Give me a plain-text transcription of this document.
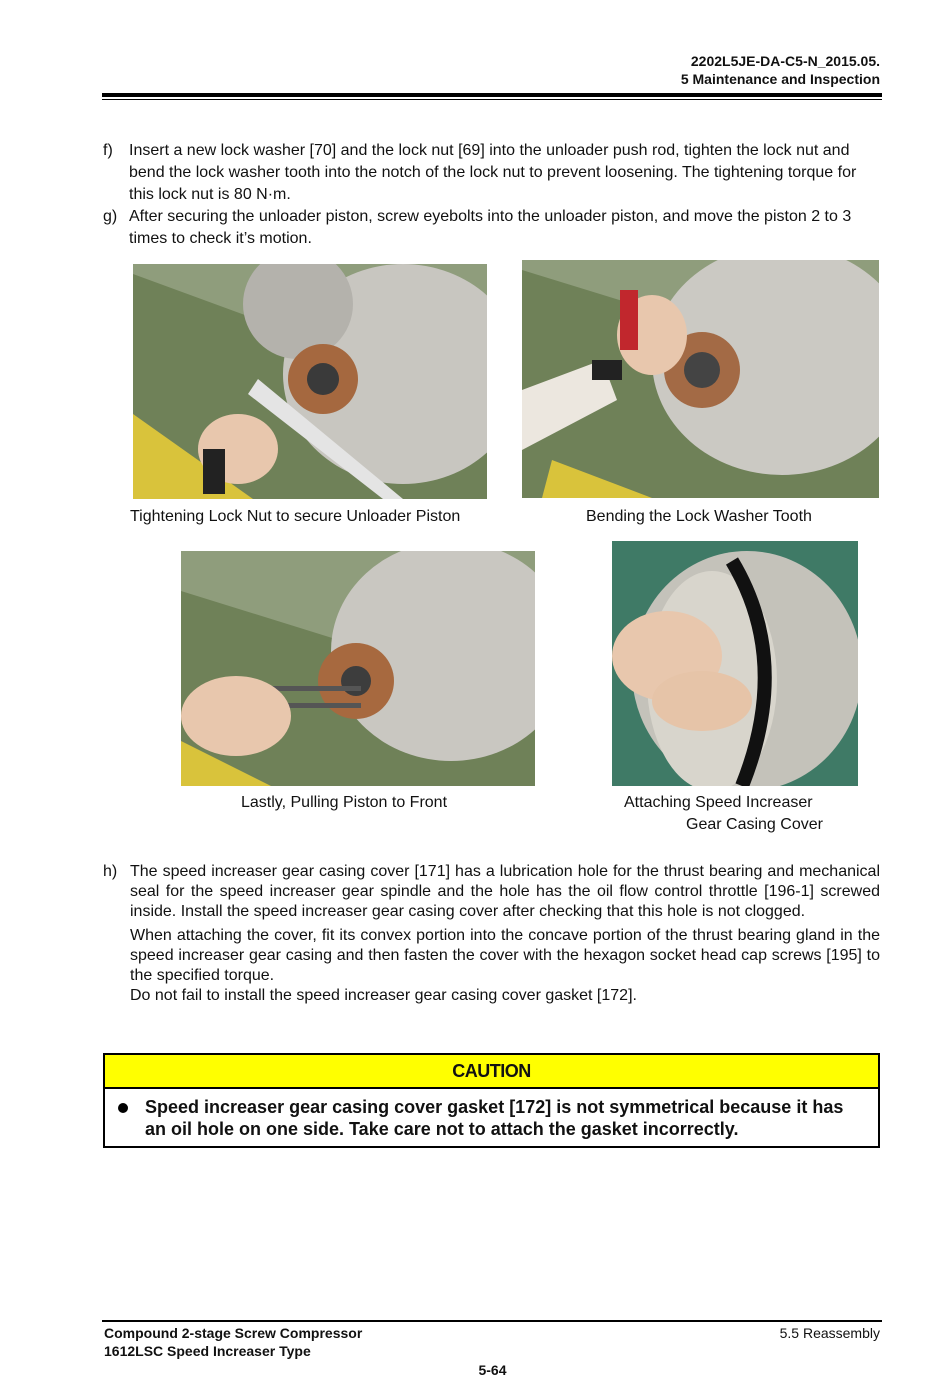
2202L5JE-DA-C5-N_2015.05.
5 Maintenance and Inspection
f) Insert a new lock washer [70] and the lock nut [69] into the unloader push rod, tighten the lock nut and bend the lock washer tooth into the notch of the lock nut to prevent loosening. The tightening torque for this lock nut is 80 N·m.
g) After securing the unloader piston, screw eyebolts into the unloader piston, and move the piston 2 to 3 times to check it’s motion.
Tightening Lock Nut to secure Unloader Piston	Bending the Lock Washer Tooth
Lastly, Pulling Piston to Front	Attaching Speed Increaser
Gear Casing Cover
h) The speed increaser gear casing cover [171] has a lubrication hole for the thrust bearing and mechanical seal for the speed increaser gear spindle and the hole has the oil flow control throttle [196-1] screwed inside. Install the speed increaser gear casing cover after checking that this hole is not clogged.
When attaching the cover, fit its convex portion into the concave portion of the thrust bearing gland in the speed increaser gear casing and then fasten the cover with the hexagon socket head cap screws [195] to the specified torque.
Do not fail to install the speed increaser gear casing cover gasket [172].
CAUTION
Speed increaser gear casing cover gasket [172] is not symmetrical because it has an oil hole on one side. Take care not to attach the gasket incorrectly.
Compound 2-stage Screw Compressor
1612LSC Speed Increaser Type
5.5 Reassembly
5-64
